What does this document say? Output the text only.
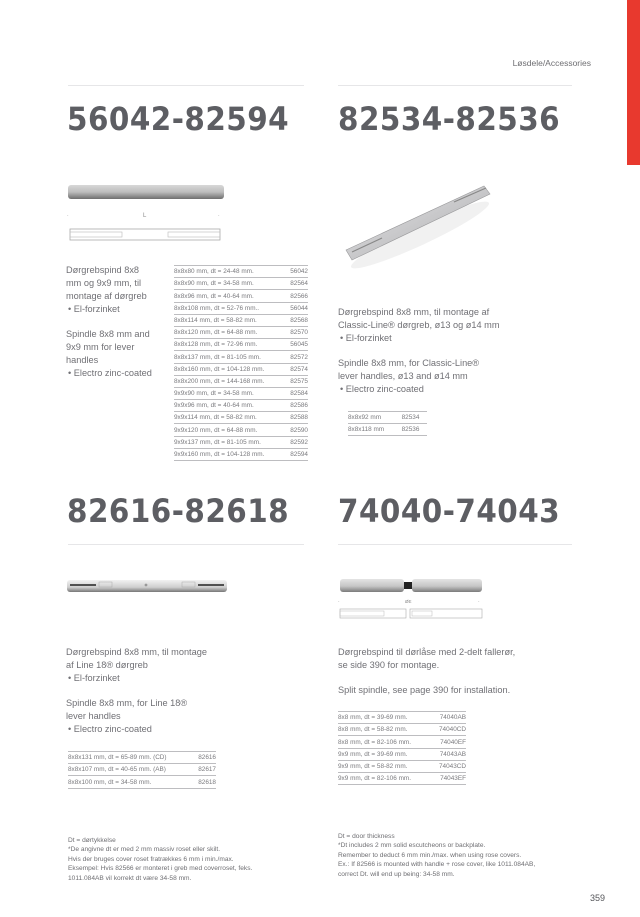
Løsdele/Accessories
56042-82594
·	L	·

Dørgrebspind 8x8

mm og 9x9 mm, til

montage af dørgreb

• El-forzinket

Spindle 8x8 mm and

9x9 mm for lever

handles

• Electro zinc-coated

8x8x80 mm, dt = 24-48 mm.	56042
8x8x90 mm, dt = 34-58 mm.	82564
8x8x96 mm, dt = 40-64 mm.	82566
8x8x108 mm, dt = 52-76 mm..	56044
8x8x114 mm, dt = 58-82 mm.	82568
8x8x120 mm, dt = 64-88 mm.	82570
8x8x128 mm, dt = 72-96 mm.	56045
8x8x137 mm, dt = 81-105 mm.	82572
8x8x160 mm, dt = 104-128 mm.	82574
8x8x200 mm, dt = 144-168 mm.	82575
9x9x90 mm, dt = 34-58 mm.	82584
9x9x96 mm, dt = 40-64 mm.	82586
9x9x114 mm, dt = 58-82 mm.	82588
9x9x120 mm, dt = 64-88 mm.	82590
9x9x137 mm, dt = 81-105 mm.	82592
9x9x160 mm, dt = 104-128 mm.	82594
82534-82536

Dørgrebspind 8x8 mm, til montage af

Classic-Line® dørgreb, ø13 og ø14 mm

• El-forzinket

Spindle 8x8 mm, for Classic-Line®

lever handles, ø13 and ø14 mm

• Electro zinc-coated

8x8x92 mm	82534
8x8x118 mm	82536
82616-82618

Dørgrebspind 8x8 mm, til montage

af Line 18® dørgreb

• El-forzinket

Spindle 8x8 mm, for Line 18®

lever handles

• Electro zinc-coated

8x8x131 mm, dt = 65-89 mm. (CD)	82616
8x8x107 mm, dt = 40-65 mm. (AB)	82617
8x8x100 mm, dt = 34-58 mm.	82618
74040-74043
·	ØE	·

Dørgrebspind til dørlåse med 2-delt fallerør,

se side 390 for montage.

Split spindle, see page 390 for installation.

8x8 mm, dt = 39-69 mm.	74040AB
8x8 mm, dt = 58-82 mm.	74040CD
8x8 mm, dt = 82-106 mm.	74040EF
9x9 mm, dt = 39-69 mm.	74043AB
9x9 mm, dt = 58-82 mm.	74043CD
9x9 mm, dt = 82-106 mm.	74043EF

Dt = dørtykkelse

*De angivne dt er med 2 mm massiv roset eller skilt.

Hvis der bruges cover roset fratrækkes 6 mm i min./max.

Eksempel: Hvis 82566 er monteret i greb med coverroset, feks.

1011.084AB vil korrekt dt være 34-58 mm.

Dt = door thickness

*Dt includes 2 mm solid escutcheons or backplate.

Remember to deduct 6 mm min./max. when using rose covers.

Ex.: If 82566 is mounted with handle + rose cover, like 1011.084AB,

correct Dt. will end up being: 34-58 mm.

359
